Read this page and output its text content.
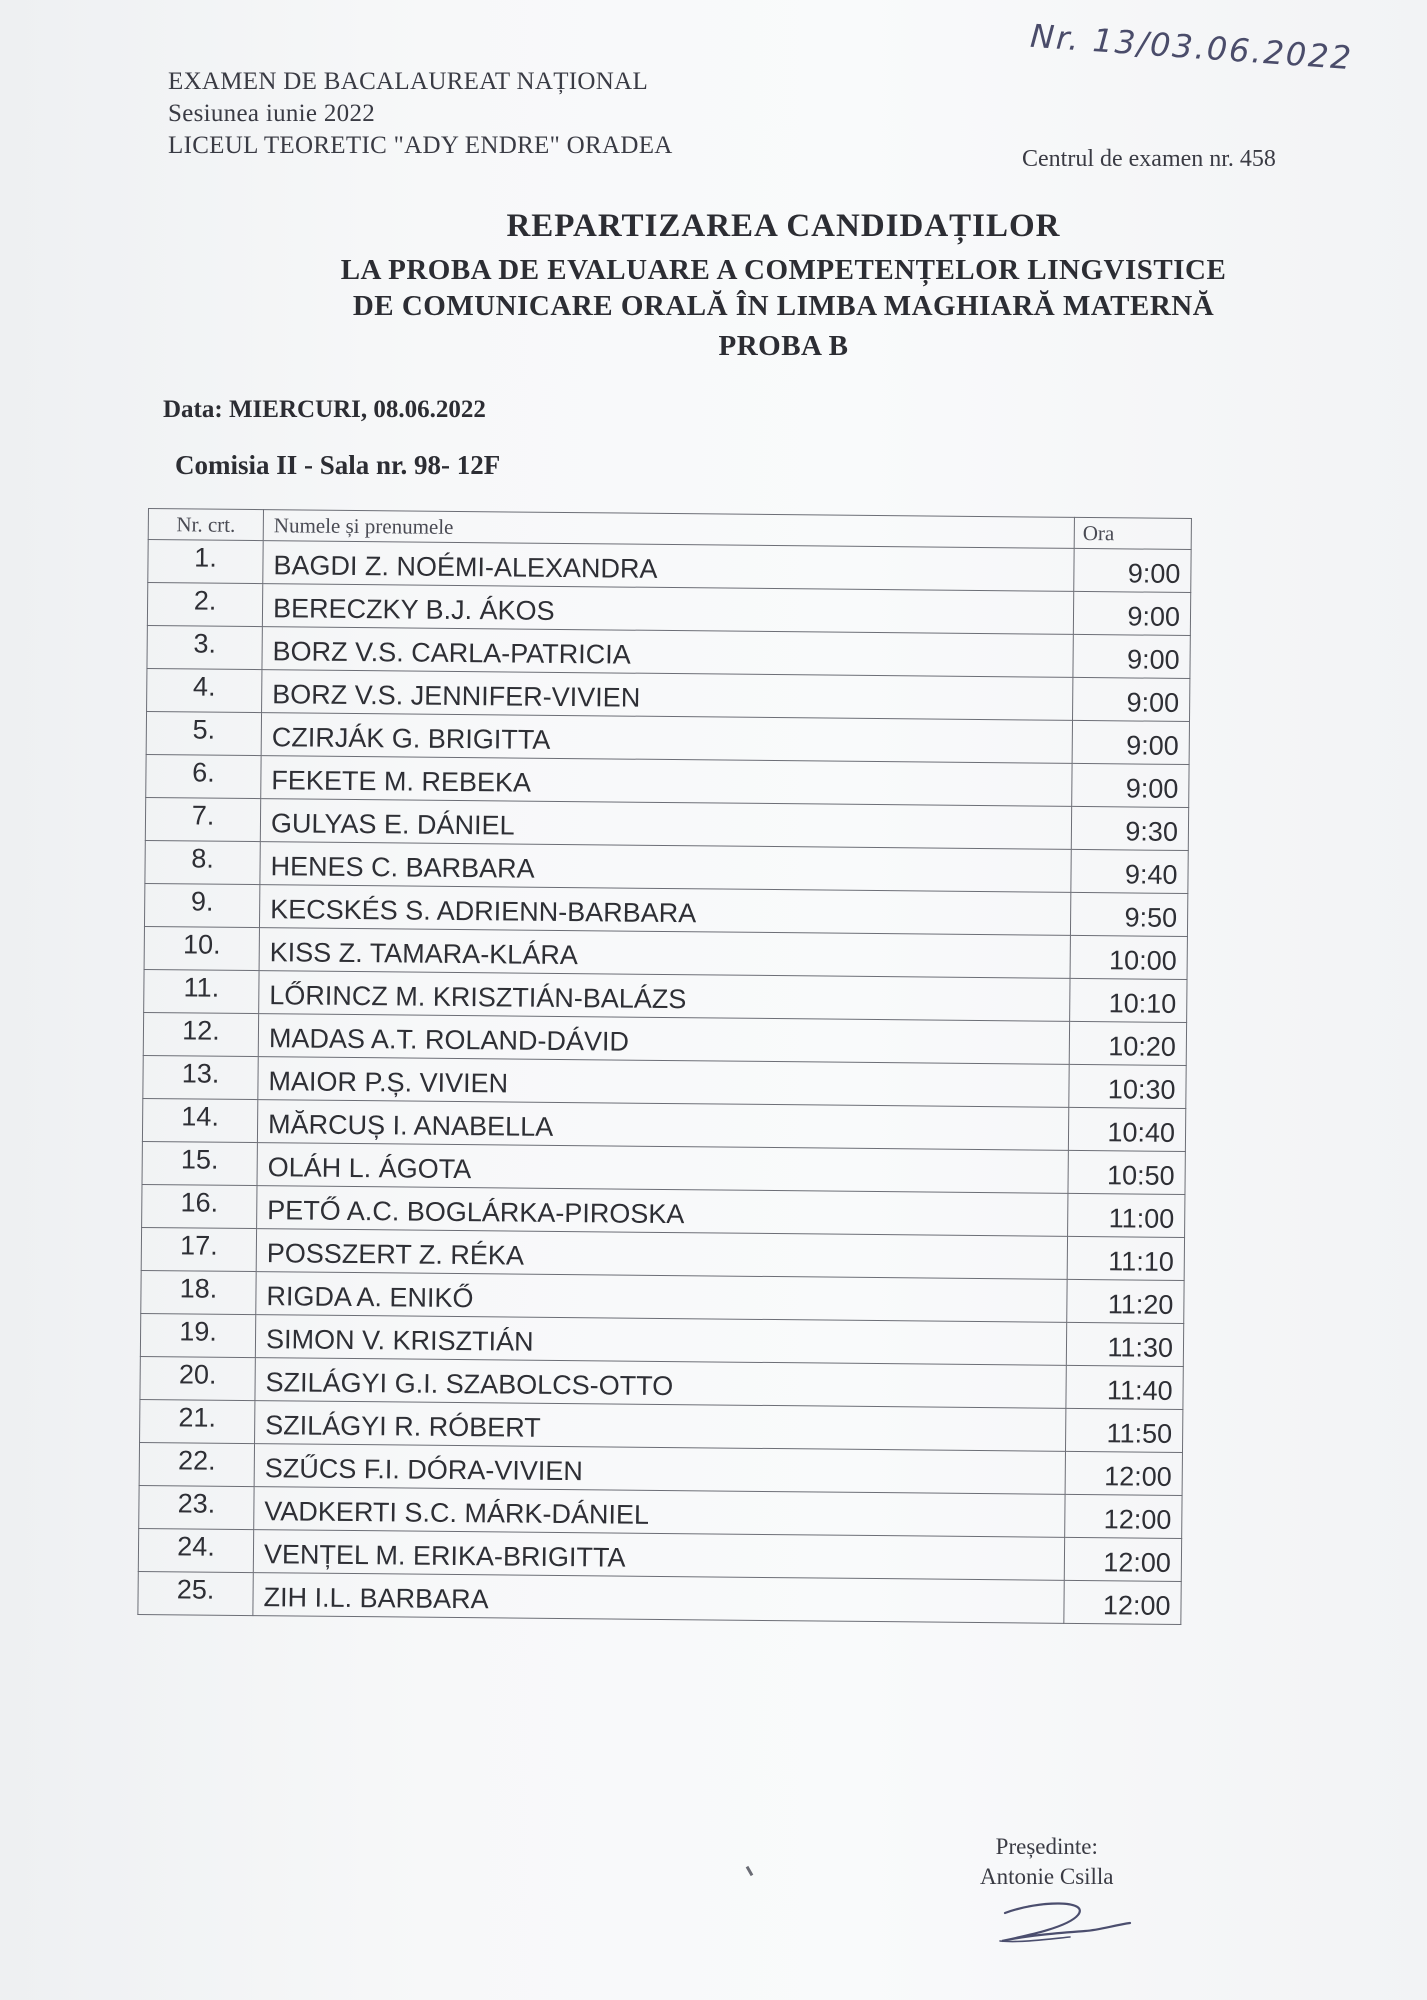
EXAMEN DE BACALAUREAT NAȚIONAL
Sesiunea iunie 2022
LICEUL TEORETIC "ADY ENDRE" ORADEA
Nr. 13/03.06.2022
Centrul de examen nr. 458
REPARTIZAREA CANDIDAȚILOR
LA PROBA DE EVALUARE A COMPETENȚELOR LINGVISTICE
DE COMUNICARE ORALĂ ÎN LIMBA MAGHIARĂ MATERNĂ
PROBA B
Data: MIERCURI, 08.06.2022
Comisia II - Sala nr. 98- 12F
Nr. crt.	Numele și prenumele	Ora
1.	BAGDI Z. NOÉMI-ALEXANDRA	9:00
2.	BERECZKY B.J. ÁKOS	9:00
3.	BORZ V.S. CARLA-PATRICIA	9:00
4.	BORZ V.S. JENNIFER-VIVIEN	9:00
5.	CZIRJÁK G. BRIGITTA	9:00
6.	FEKETE M. REBEKA	9:00
7.	GULYAS E. DÁNIEL	9:30
8.	HENES C. BARBARA	9:40
9.	KECSKÉS S. ADRIENN-BARBARA	9:50
10.	KISS Z. TAMARA-KLÁRA	10:00
11.	LŐRINCZ M. KRISZTIÁN-BALÁZS	10:10
12.	MADAS A.T. ROLAND-DÁVID	10:20
13.	MAIOR P.Ș. VIVIEN	10:30
14.	MĂRCUȘ I. ANABELLA	10:40
15.	OLÁH L. ÁGOTA	10:50
16.	PETŐ A.C. BOGLÁRKA-PIROSKA	11:00
17.	POSSZERT Z. RÉKA	11:10
18.	RIGDA A. ENIKŐ	11:20
19.	SIMON V. KRISZTIÁN	11:30
20.	SZILÁGYI G.I. SZABOLCS-OTTO	11:40
21.	SZILÁGYI R. RÓBERT	11:50
22.	SZŰCS F.I. DÓRA-VIVIEN	12:00
23.	VADKERTI S.C. MÁRK-DÁNIEL	12:00
24.	VENȚEL M. ERIKA-BRIGITTA	12:00
25.	ZIH I.L. BARBARA	12:00
Președinte:
Antonie Csilla
